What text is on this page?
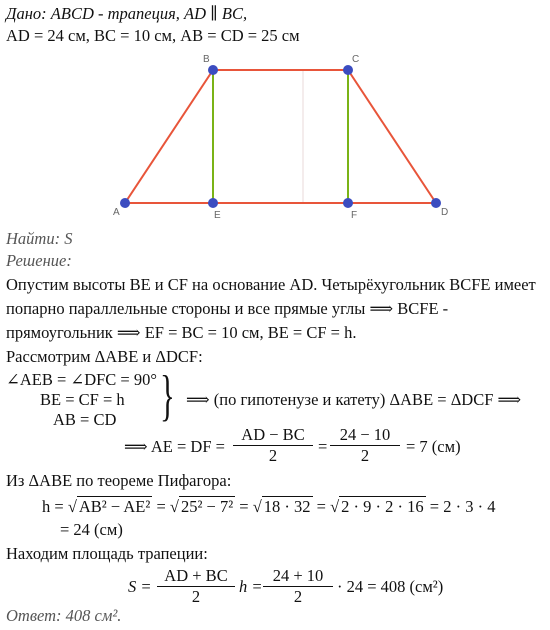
Дано: ABCD - трапеция, AD ∥ BC,
AD = 24 см, BC = 10 см, AB = CD = 25 см
A
B	C
D
E	F
Найти: S
Решение:
Опустим высоты BE и CF на основание AD. Четырёхугольник BCFE имеет
попарно параллельные стороны и все прямые углы ⟹ BCFE -
прямоугольник ⟹ EF = BC = 10 см, BE = CF = h.
Рассмотрим ΔABE и ΔDCF:
∠AEB = ∠DFC = 90°
BE = CF = h
AB = CD } ⟹ (по гипотенузе и катету) ΔABE = ΔDCF ⟹
⟹ AE = DF = $\frac{AD - BC}{2} = \frac{24 - 10}{2} = 7$ (см)
Из ΔABE по теореме Пифагора:
h = √ AB² − AE² = √ 25² − 7² = √ 18 · 32 = √ 2 · 9 · 2 · 16 = 2 · 3 · 4
= 24 (см)
Находим площадь трапеции:
$S = \frac{AD + BC}{2}$ $h = \frac{24 + 10}{2} \cdot 24 = 408$ (см²)
Ответ: 408 см².
